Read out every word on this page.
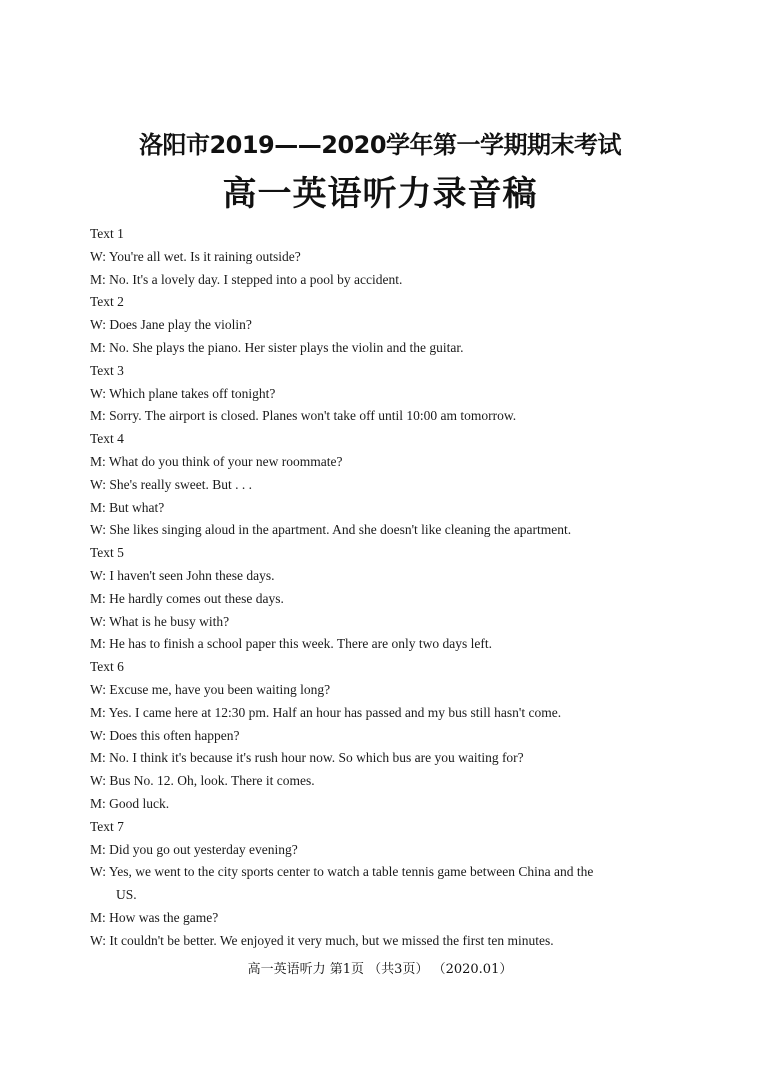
洛阳市2019——2020学年第一学期期末考试
高一英语听力录音稿
Text 1
W: You're all wet. Is it raining outside?
M: No. It's a lovely day. I stepped into a pool by accident.
Text 2
W: Does Jane play the violin?
M: No. She plays the piano. Her sister plays the violin and the guitar.
Text 3
W: Which plane takes off tonight?
M: Sorry. The airport is closed. Planes won't take off until 10:00 am tomorrow.
Text 4
M: What do you think of your new roommate?
W: She's really sweet. But . . .
M: But what?
W: She likes singing aloud in the apartment. And she doesn't like cleaning the apartment.
Text 5
W: I haven't seen John these days.
M: He hardly comes out these days.
W: What is he busy with?
M: He has to finish a school paper this week. There are only two days left.
Text 6
W: Excuse me, have you been waiting long?
M: Yes. I came here at 12:30 pm. Half an hour has passed and my bus still hasn't come.
W: Does this often happen?
M: No. I think it's because it's rush hour now. So which bus are you waiting for?
W: Bus No. 12. Oh, look. There it comes.
M: Good luck.
Text 7
M: Did you go out yesterday evening?
W: Yes, we went to the city sports center to watch a table tennis game between China and the
US.
M: How was the game?
W: It couldn't be better. We enjoyed it very much, but we missed the first ten minutes.
高一英语听力 第1页 （共3页） （2020.01）
